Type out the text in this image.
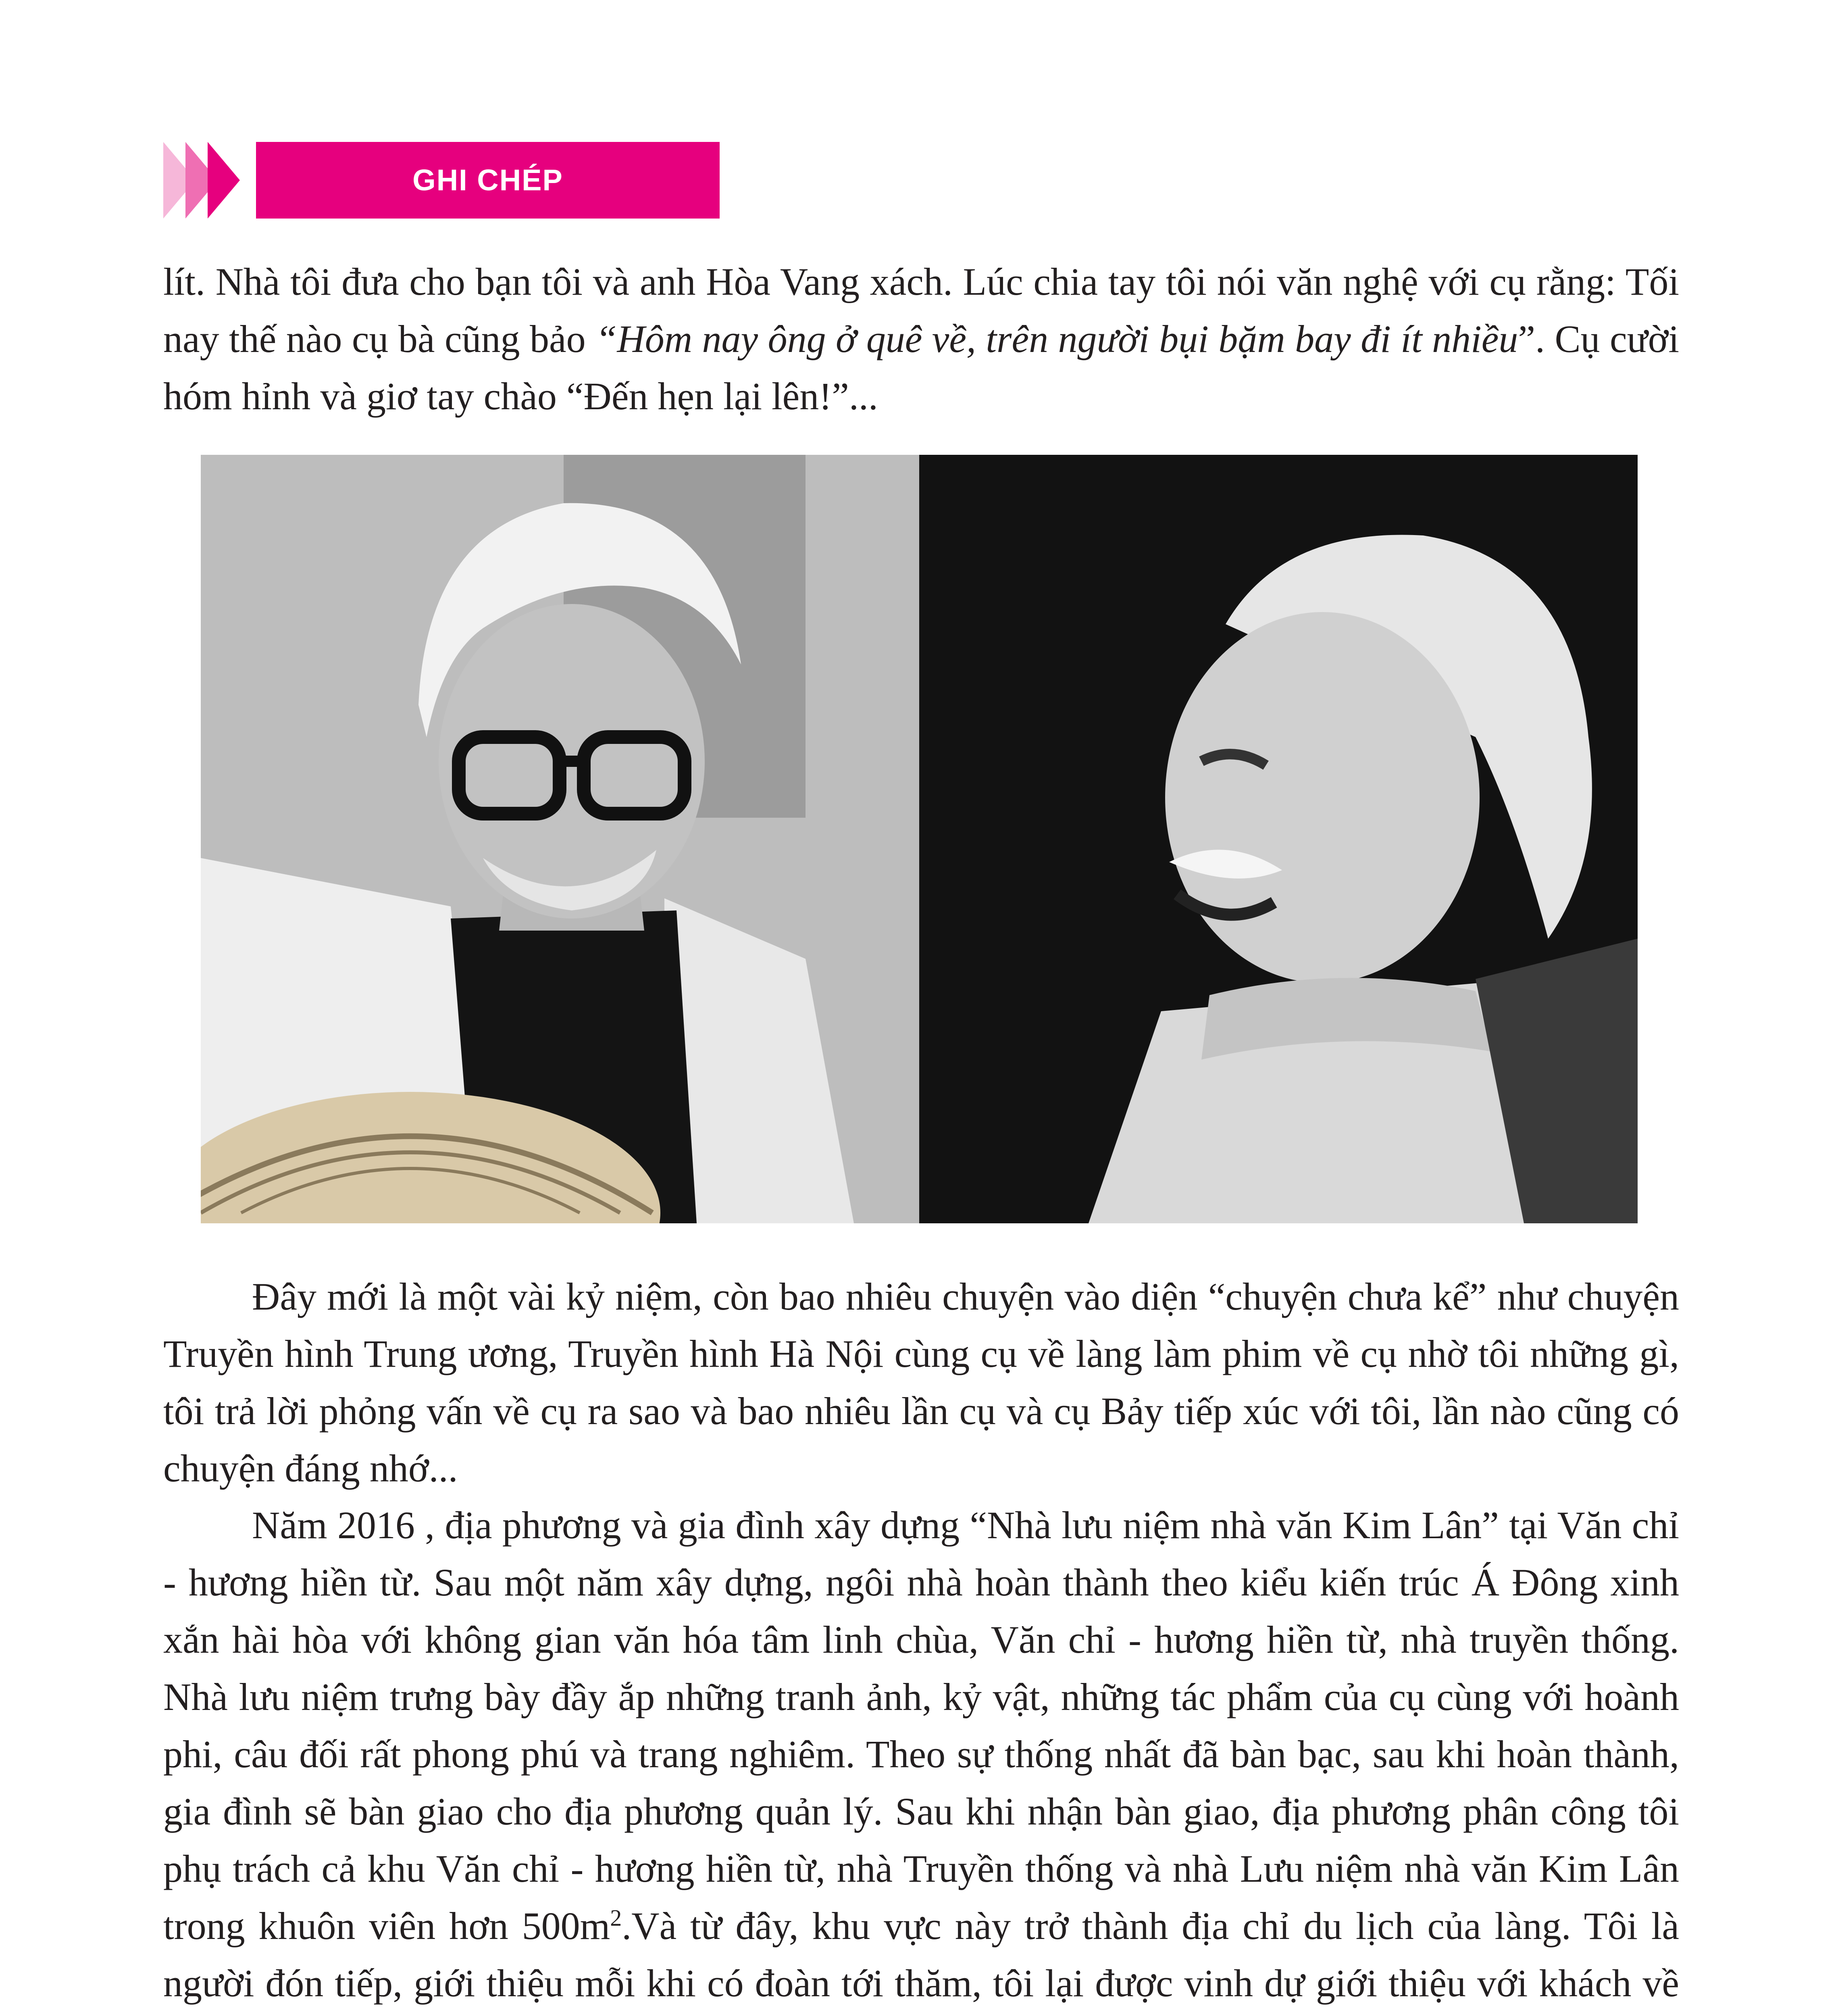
GHI CHÉP

lít. Nhà tôi đưa cho bạn tôi và anh Hòa Vang xách. Lúc chia tay tôi nói văn nghệ với cụ rằng: Tối nay thế nào cụ bà cũng bảo “Hôm nay ông ở quê về, trên người bụi bặm bay đi ít nhiều”. Cụ cười hóm hỉnh và giơ tay chào “Đến hẹn lại lên!”...

Đây mới là một vài kỷ niệm, còn bao nhiêu chuyện vào diện “chuyện chưa kể” như chuyện Truyền hình Trung ương, Truyền hình Hà Nội cùng cụ về làng làm phim về cụ nhờ tôi những gì, tôi trả lời phỏng vấn về cụ ra sao và bao nhiêu lần cụ và cụ Bảy tiếp xúc với tôi, lần nào cũng có chuyện đáng nhớ...

Năm 2016 , địa phương và gia đình xây dựng “Nhà lưu niệm nhà văn Kim Lân” tại Văn chỉ - hương hiền từ. Sau một năm xây dựng, ngôi nhà hoàn thành theo kiểu kiến trúc Á Đông xinh xắn hài hòa với không gian văn hóa tâm linh chùa, Văn chỉ - hương hiền từ, nhà truyền thống. Nhà lưu niệm trưng bày đầy ắp những tranh ảnh, kỷ vật, những tác phẩm của cụ cùng với hoành phi, câu đối rất phong phú và trang nghiêm. Theo sự thống nhất đã bàn bạc, sau khi hoàn thành, gia đình sẽ bàn giao cho địa phương quản lý. Sau khi nhận bàn giao, địa phương phân công tôi phụ trách cả khu Văn chỉ - hương hiền từ, nhà Truyền thống và nhà Lưu niệm nhà văn Kim Lân trong khuôn viên hơn $500m^2.Và$ từ đây, khu vực này trở thành địa chỉ du lịch của làng. Tôi là người đón tiếp, giới thiệu mỗi khi có đoàn tới thăm, tôi lại được vinh dự giới thiệu với khách về
